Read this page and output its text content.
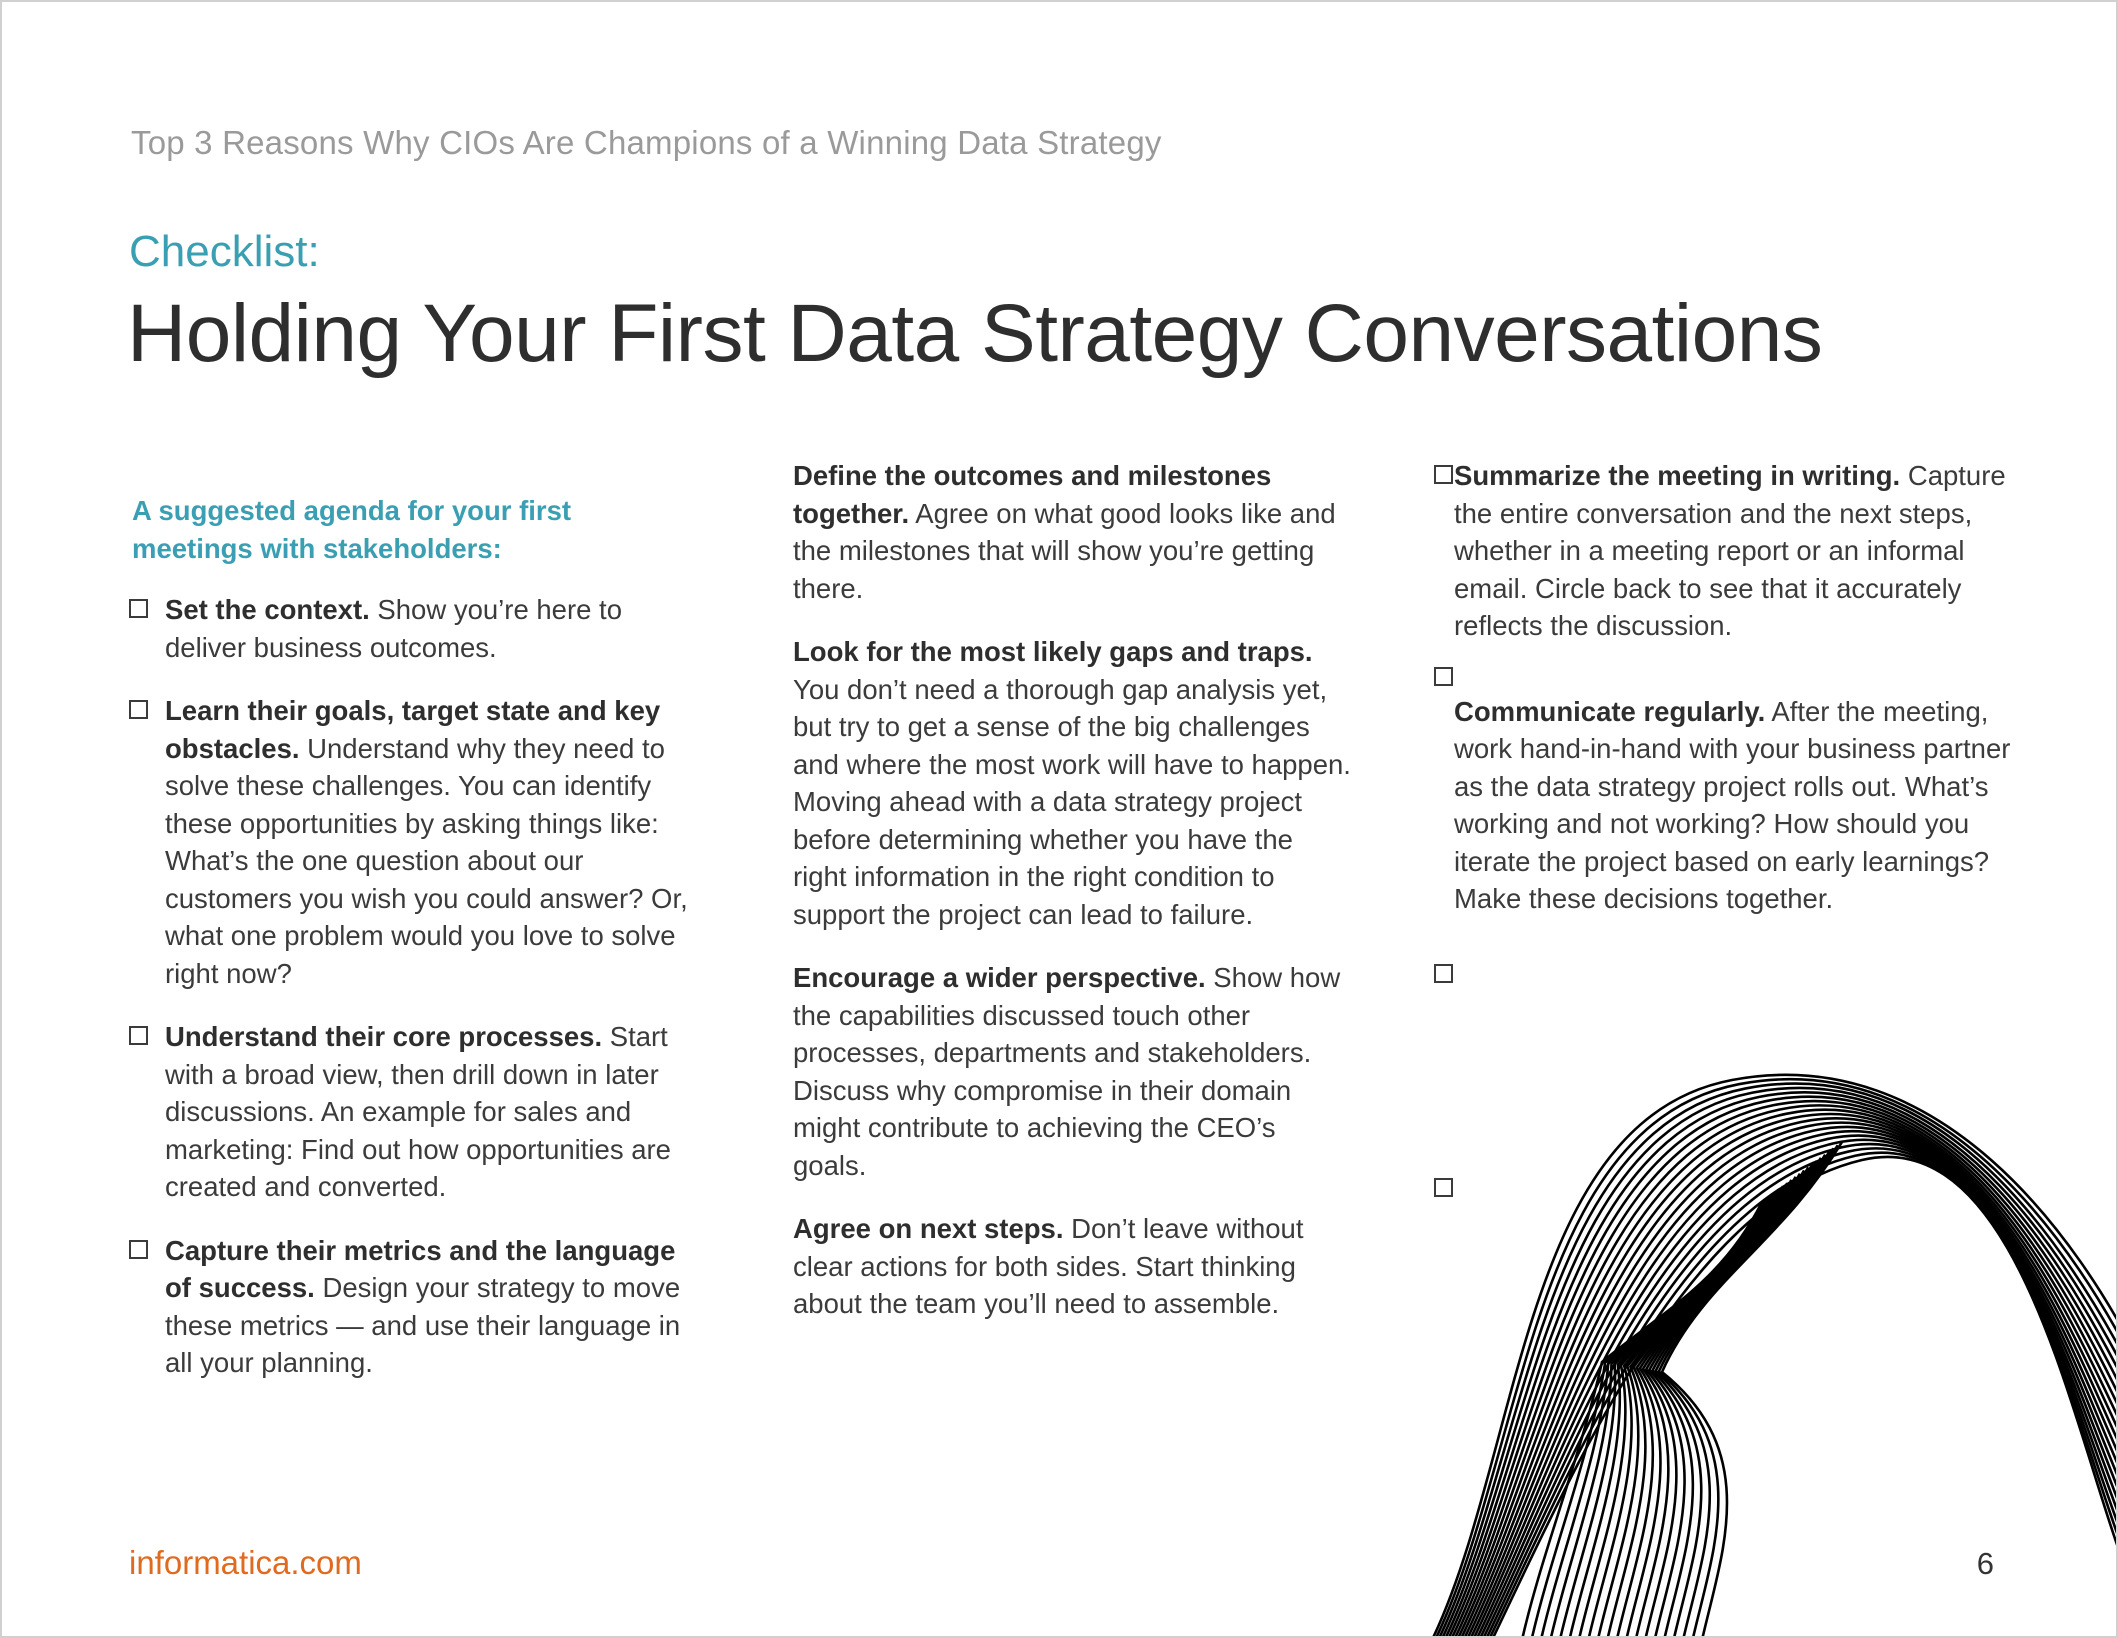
Top 3 Reasons Why CIOs Are Champions of a Winning Data Strategy
Checklist:
Holding Your First Data Strategy Conversations
A suggested agenda for your first meetings with stakeholders:
Set the context. Show you’re here to deliver business outcomes.
Learn their goals, target state and key obstacles. Understand why they need to solve these challenges. You can identify these opportunities by asking things like: What’s the one question about our customers you wish you could answer? Or, what one problem would you love to solve right now?
Understand their core processes. Start with a broad view, then drill down in later discussions. An example for sales and marketing: Find out how opportunities are created and converted.
Capture their metrics and the language of success. Design your strategy to move these metrics — and use their language in all your planning.

Define the outcomes and milestones together. Agree on what good looks like and the milestones that will show you’re getting there.

Look for the most likely gaps and traps. You don’t need a thorough gap analysis yet, but try to get a sense of the big challenges and where the most work will have to happen. Moving ahead with a data strategy project before determining whether you have the right information in the right condition to support the project can lead to failure.

Encourage a wider perspective. Show how the capabilities discussed touch other processes, departments and stakeholders. Discuss why compromise in their domain might contribute to achieving the CEO’s goals.

Agree on next steps. Don’t leave without clear actions for both sides. Start thinking about the team you’ll need to assemble.

Summarize the meeting in writing. Capture the entire conversation and the next steps, whether in a meeting report or an informal email. Circle back to see that it accurately reflects the discussion.
Communicate regularly. After the meeting, work hand-in-hand with your business partner as the data strategy project rolls out. What’s working and not working? How should you iterate the project based on early learnings? Make these decisions together.
informatica.com	6
